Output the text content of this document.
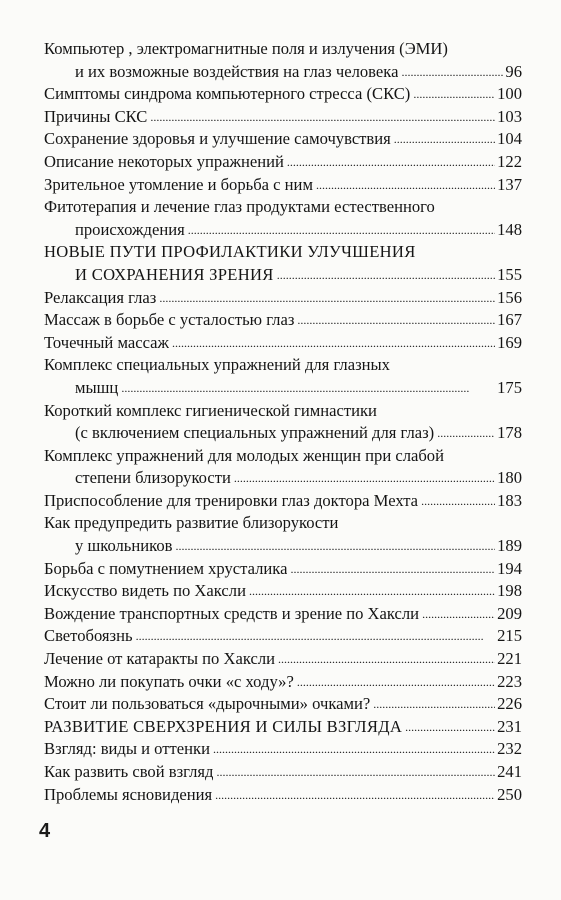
Компьютер , электромагнитные поля и излучения (ЭМИ)
и их возможные воздействия на глаз человека . . .	96
Симптомы синдрома компьютерного стресса (СКС) . . .	100
Причины СКС . . .	103
Сохранение здоровья и улучшение самочувствия . . .	104
Описание некоторых упражнений . . .	122
Зрительное утомление и борьба с ним . . .	137
Фитотерапия и лечение глаз продуктами естественного
происхождения . . .	148
НОВЫЕ ПУТИ ПРОФИЛАКТИКИ УЛУЧШЕНИЯ
И СОХРАНЕНИЯ ЗРЕНИЯ . . .	155
Релаксация глаз . . .	156
Массаж в борьбе с усталостью глаз . . .	167
Точечный массаж . . .	169
Комплекс специальных упражнений для глазных
мышц . . .	175
Короткий комплекс гигиенической гимнастики
(с включением специальных упражнений для глаз) . . .	178
Комплекс упражнений для молодых женщин при слабой
степени близорукости . . .	180
Приспособление для тренировки глаз доктора Мехта . . .	183
Как предупредить развитие близорукости
у школьников . . .	189
Борьба с помутнением хрусталика . . .	194
Искусство видеть по Хаксли . . .	198
Вождение транспортных средств и зрение по Хаксли . . .	209
Светобоязнь . . .	215
Лечение от катаракты по Хаксли . . .	221
Можно ли покупать очки «с ходу»? . . .	223
Стоит ли пользоваться «дырочными» очками? . . .	226
РАЗВИТИЕ СВЕРХЗРЕНИЯ И СИЛЫ ВЗГЛЯДА . . .	231
Взгляд: виды и оттенки . . .	232
Как развить свой взгляд . . .	241
Проблемы ясновидения . . .	250
4
